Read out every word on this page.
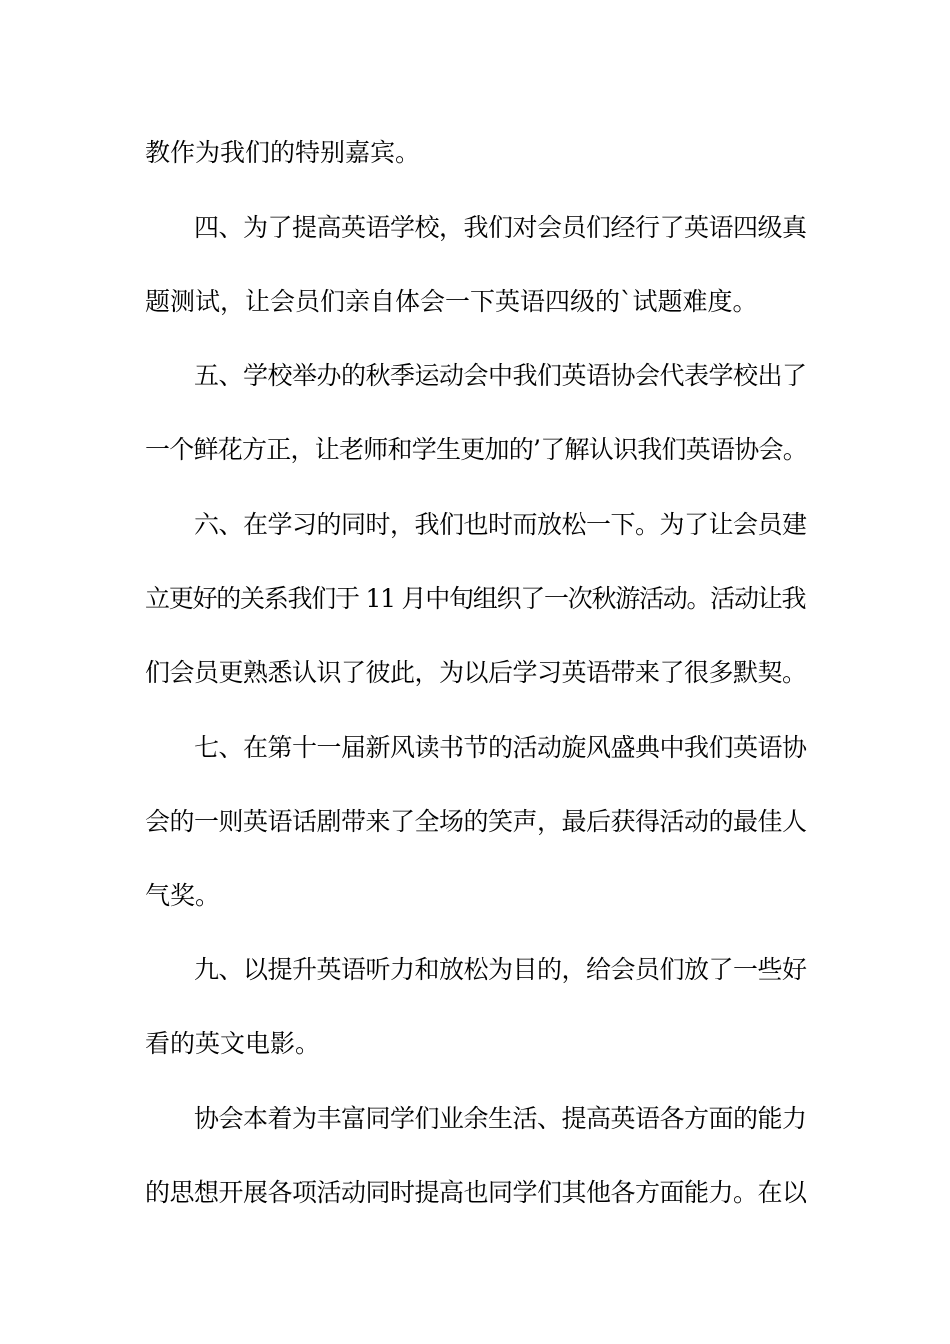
教作为我们的特别嘉宾。
四、为了提高英语学校，我们对会员们经行了英语四级真
题测试，让会员们亲自体会一下英语四级的`试题难度。
五、学校举办的秋季运动会中我们英语协会代表学校出了
一个鲜花方正，让老师和学生更加的’了解认识我们英语协会。
六、在学习的同时，我们也时而放松一下。为了让会员建
立更好的关系我们于 11 月中旬组织了一次秋游活动。活动让我
们会员更熟悉认识了彼此，为以后学习英语带来了很多默契。
七、在第十一届新风读书节的活动旋风盛典中我们英语协
会的一则英语话剧带来了全场的笑声，最后获得活动的最佳人
气奖。
九、以提升英语听力和放松为目的，给会员们放了一些好
看的英文电影。
协会本着为丰富同学们业余生活、提高英语各方面的能力
的思想开展各项活动同时提高也同学们其他各方面能力。在以
